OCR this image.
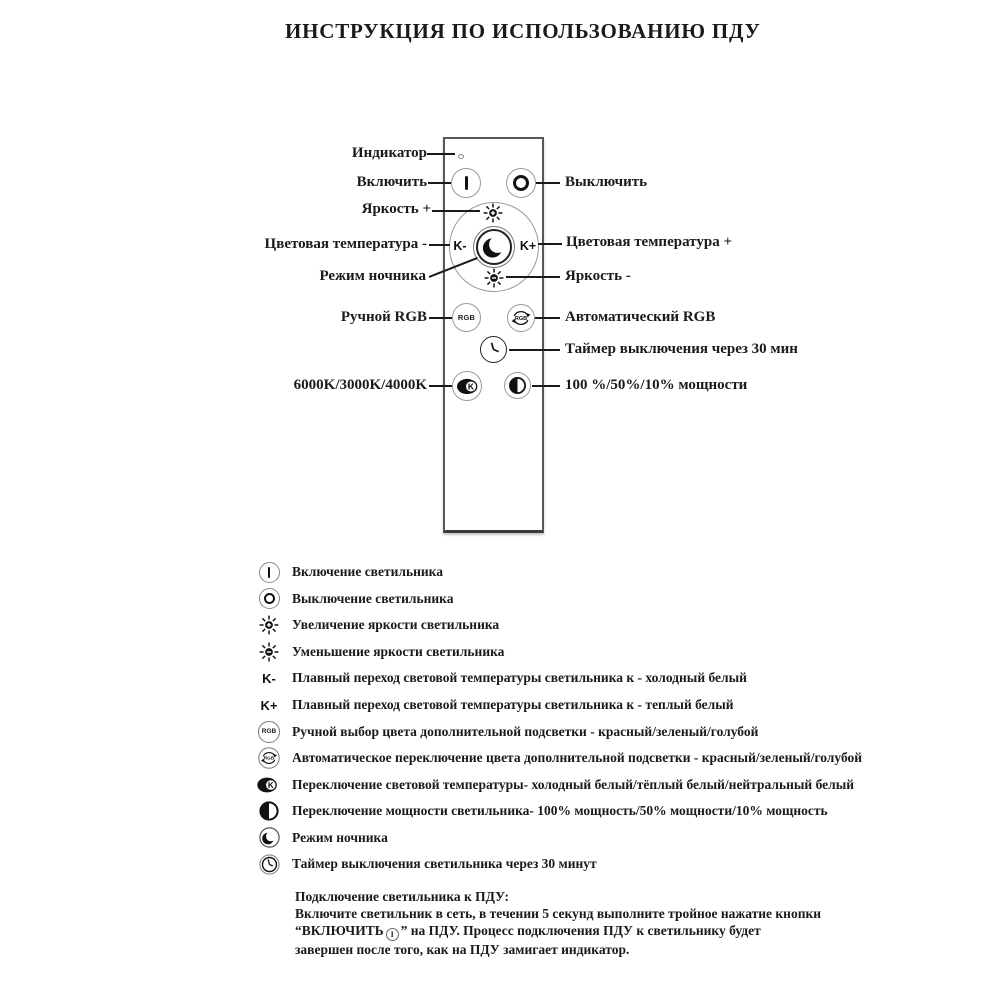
ИНСТРУКЦИЯ ПО ИСПОЛЬЗОВАНИЮ ПДУ
K-	K+
RGB	RGB
K
Индикатор
Включить
Яркость +
Цветовая температура -
Режим ночника
Ручной RGB
6000K/3000K/4000K
Выключить
Цветовая температура +
Яркость -
Автоматический RGB
Таймер выключения через 30 мин
100 %/50%/10% мощности
Включение светильника
Выключение светильника
Увеличение яркости светильника
Уменьшение яркости светильника
K-	Плавный переход световой температуры светильника к - холодный белый
K+	Плавный переход световой температуры светильника к - теплый белый
RGB	Ручной выбор цвета дополнительной подсветки - красный/зеленый/голубой
RGB	Автоматическое переключение цвета дополнительной подсветки - красный/зеленый/голубой
K	Переключение световой температуры- холодный белый/тёплый белый/нейтральный белый
Переключение мощности светильника- 100% мощность/50% мощности/10% мощность
Режим ночника
Таймер выключения светильника через 30 минут
Подключение светильника к ПДУ:
Включите светильник в сеть, в течении 5 секунд выполните тройное нажатие кнопки
“ВКЛЮЧИТЬ I ” на ПДУ. Процесс подключения ПДУ к светильнику будет
завершен после того, как на ПДУ замигает индикатор.
